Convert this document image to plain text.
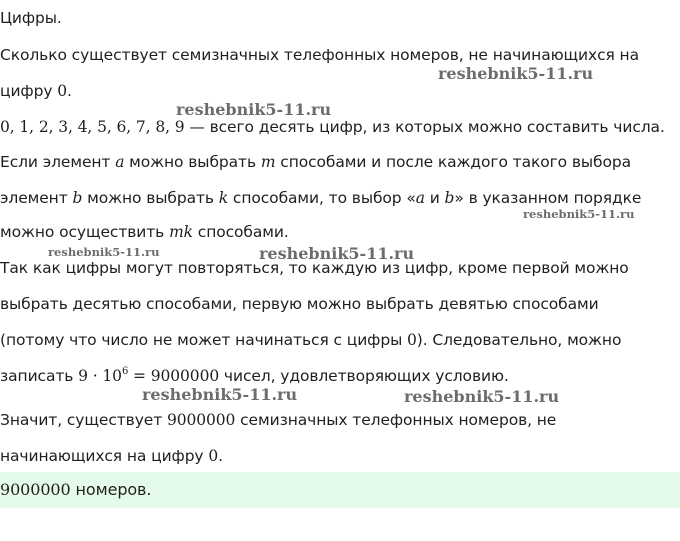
Цифры.
Сколько существует семизначных телефонных номеров, не начинающихся на
цифру 0.
0, 1, 2, 3, 4, 5, 6, 7, 8, 9 — всего десять цифр, из которых можно составить числа.
Если элемент a можно выбрать m способами и после каждого такого выбора
элемент b можно выбрать k способами, то выбор «a и b» в указанном порядке
можно осуществить mk способами.
Так как цифры могут повторяться, то каждую из цифр, кроме первой можно
выбрать десятью способами, первую можно выбрать девятью способами
(потому что число не может начинаться с цифры 0). Следовательно, можно
записать $9 \cdot 10^6 = 9000000$ чисел, удовлетворяющих условию.
Значит, существует 9000000 семизначных телефонных номеров, не
начинающихся на цифру 0.
9000000 номеров.
reshebnik5-11.ru
reshebnik5-11.ru
reshebnik5-11.ru
reshebnik5-11.ru	reshebnik5-11.ru
reshebnik5-11.ru	reshebnik5-11.ru
